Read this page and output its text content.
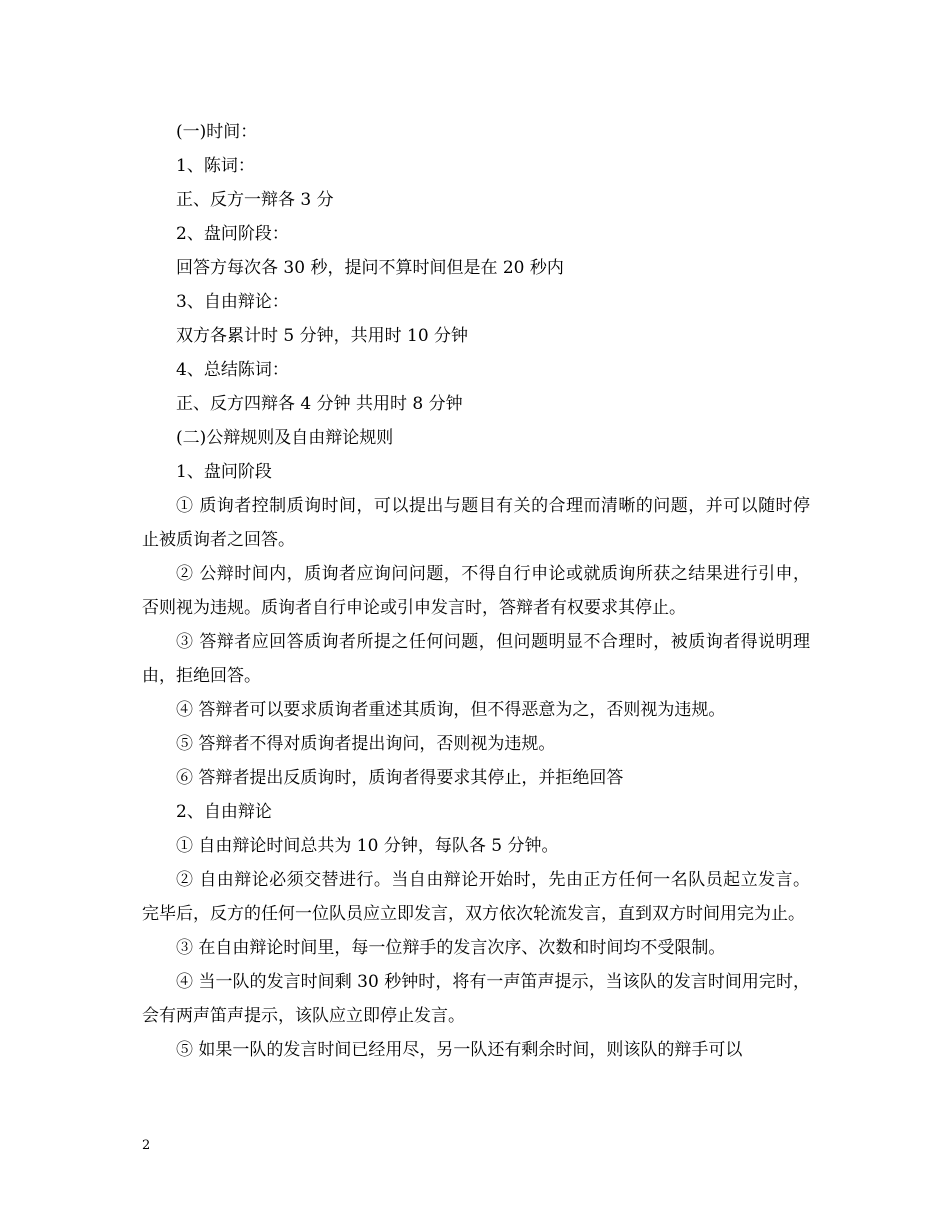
(一)时间：

1、陈词：

正、反方一辩各 3 分

2、盘问阶段：

回答方每次各 30 秒，提问不算时间但是在 20 秒内

3、自由辩论：

双方各累计时 5 分钟，共用时 10 分钟

4、总结陈词：

正、反方四辩各 4 分钟 共用时 8 分钟

(二)公辩规则及自由辩论规则

1、盘问阶段

① 质询者控制质询时间，可以提出与题目有关的合理而清晰的问题，并可以随时停止被质询者之回答。

② 公辩时间内，质询者应询问问题，不得自行申论或就质询所获之结果进行引申，否则视为违规。质询者自行申论或引申发言时，答辩者有权要求其停止。

③ 答辩者应回答质询者所提之任何问题，但问题明显不合理时，被质询者得说明理由，拒绝回答。

④ 答辩者可以要求质询者重述其质询，但不得恶意为之，否则视为违规。

⑤ 答辩者不得对质询者提出询问，否则视为违规。

⑥ 答辩者提出反质询时，质询者得要求其停止，并拒绝回答

2、自由辩论

① 自由辩论时间总共为 10 分钟，每队各 5 分钟。

② 自由辩论必须交替进行。当自由辩论开始时，先由正方任何一名队员起立发言。完毕后，反方的任何一位队员应立即发言，双方依次轮流发言，直到双方时间用完为止。

③ 在自由辩论时间里，每一位辩手的发言次序、次数和时间均不受限制。

④ 当一队的发言时间剩 30 秒钟时，将有一声笛声提示，当该队的发言时间用完时，会有两声笛声提示，该队应立即停止发言。

⑤ 如果一队的发言时间已经用尽，另一队还有剩余时间，则该队的辩手可以

2
